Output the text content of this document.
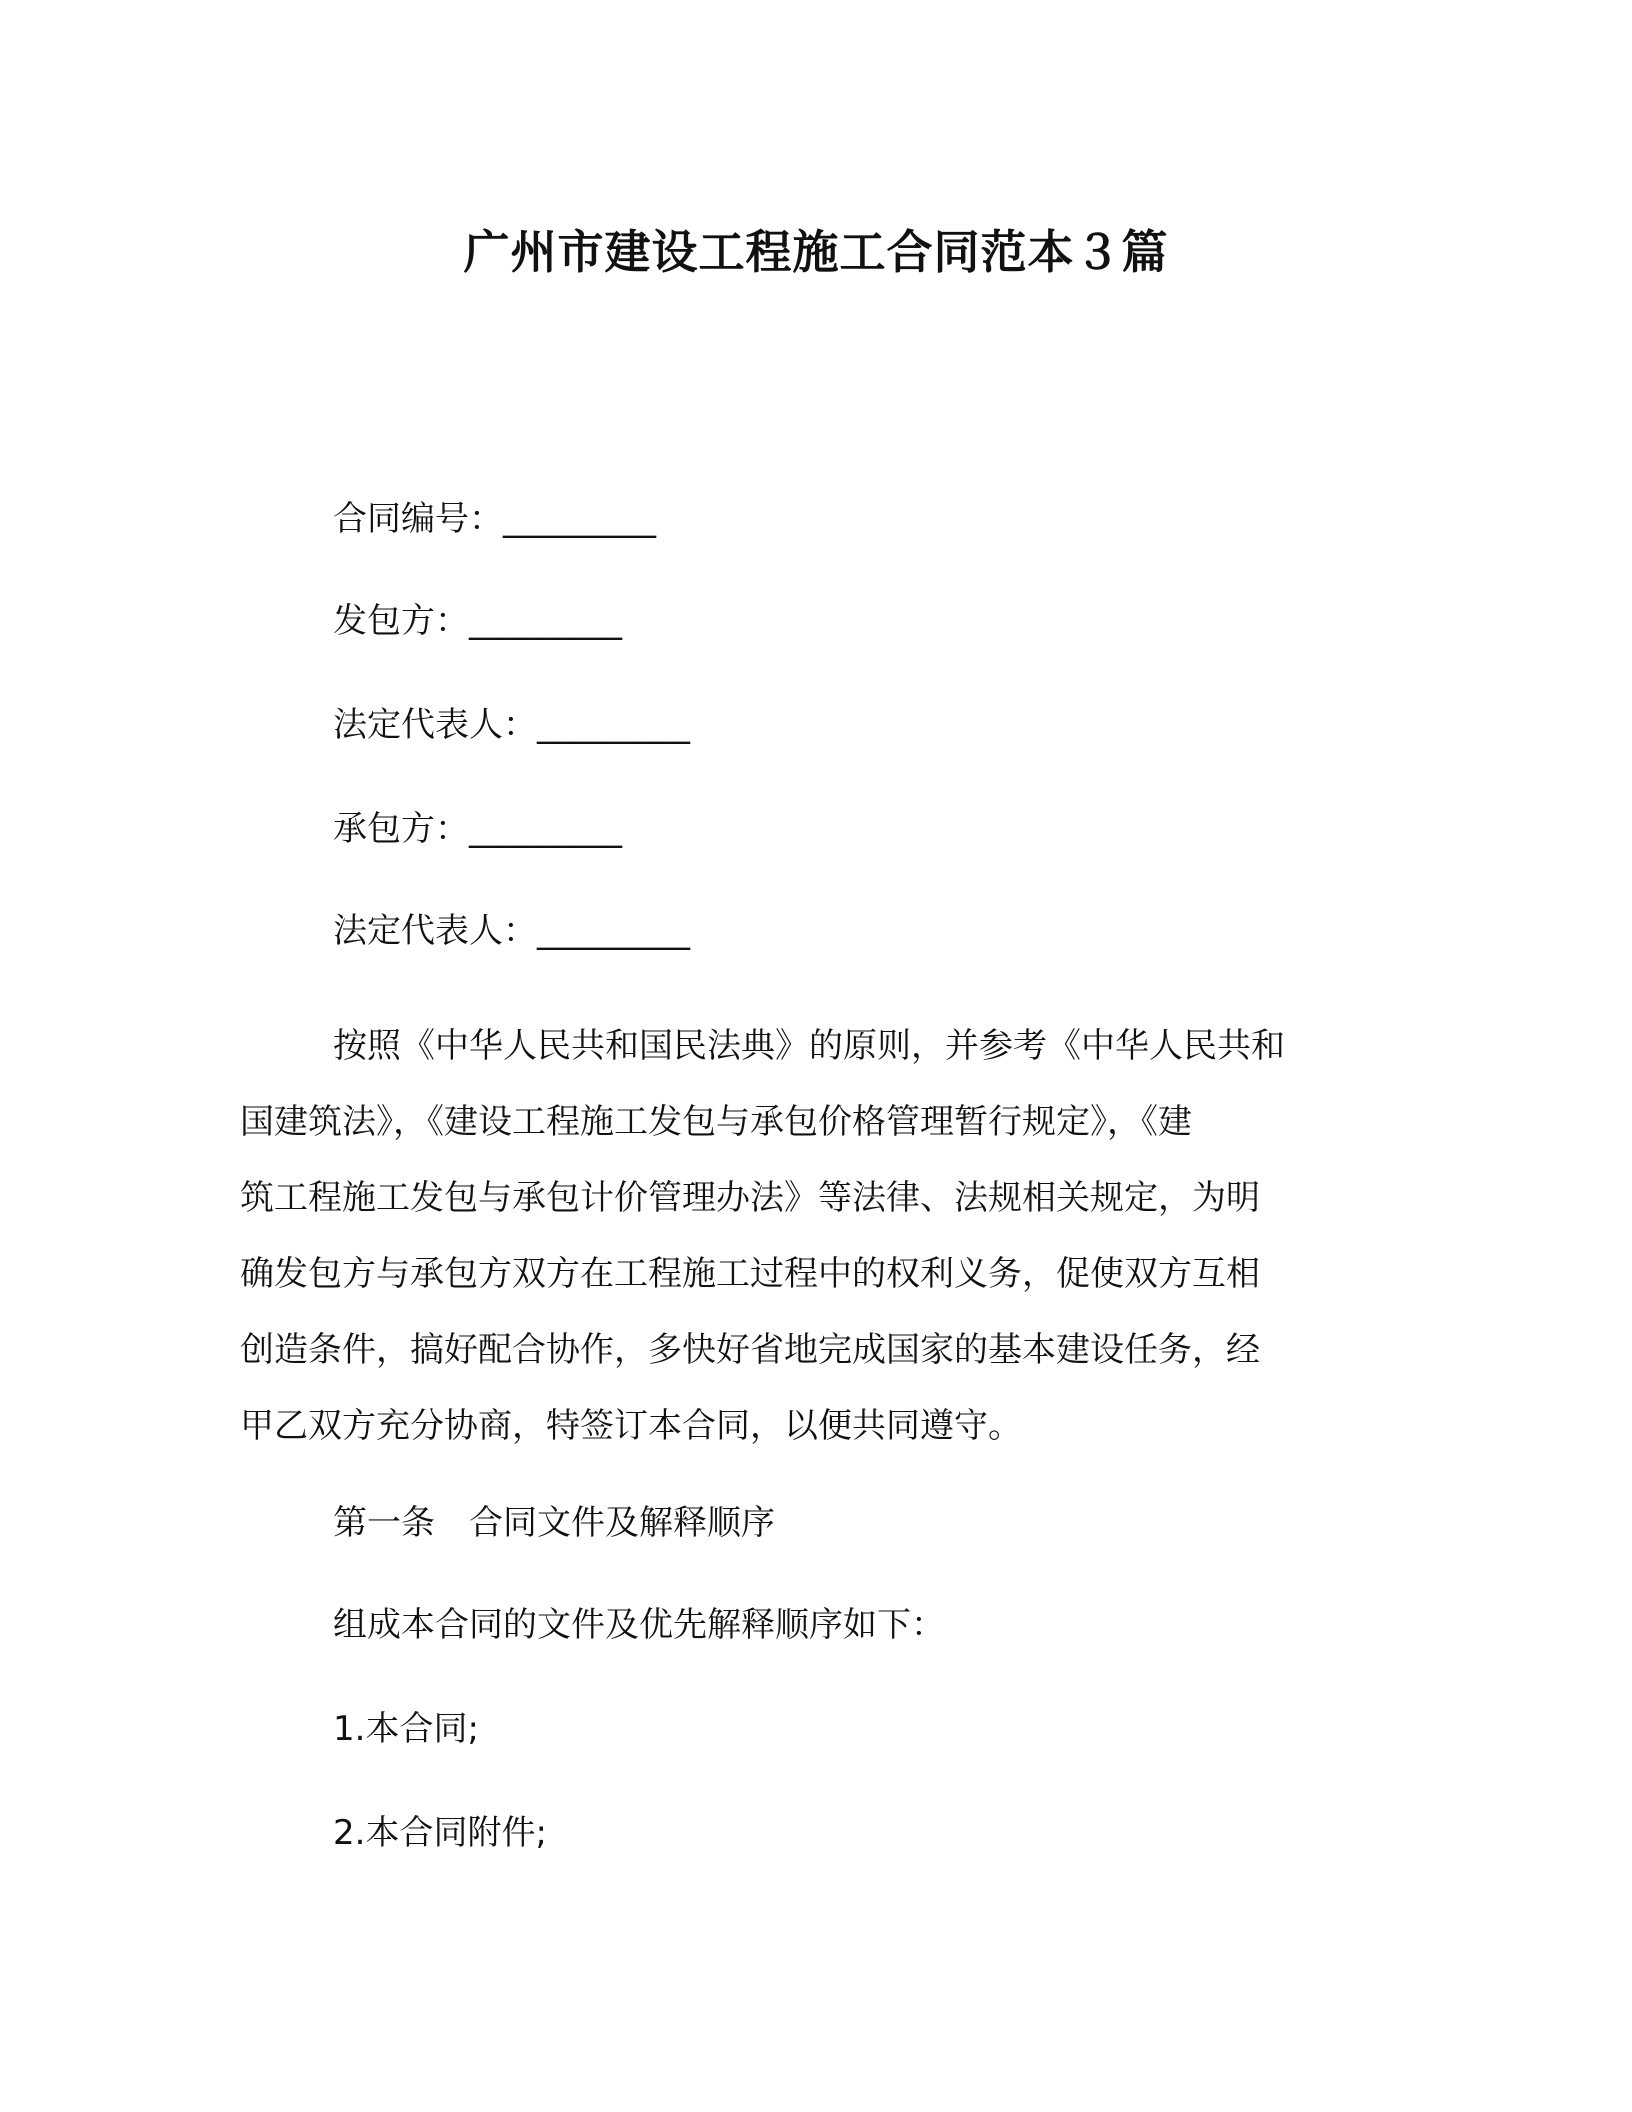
广州市建设工程施工合同范本３篇
合同编号：_________
发包方：_________
法定代表人：_________
承包方：_________
法定代表人：_________
按照《中华人民共和国民法典》的原则，并参考《中华人民共和
国建筑法》，《建设工程施工发包与承包价格管理暂行规定》，《建
筑工程施工发包与承包计价管理办法》等法律、法规相关规定，为明
确发包方与承包方双方在工程施工过程中的权利义务，促使双方互相
创造条件，搞好配合协作，多快好省地完成国家的基本建设任务，经
甲乙双方充分协商，特签订本合同，以便共同遵守。
第一条　合同文件及解释顺序
组成本合同的文件及优先解释顺序如下：
1.本合同;
2.本合同附件;
